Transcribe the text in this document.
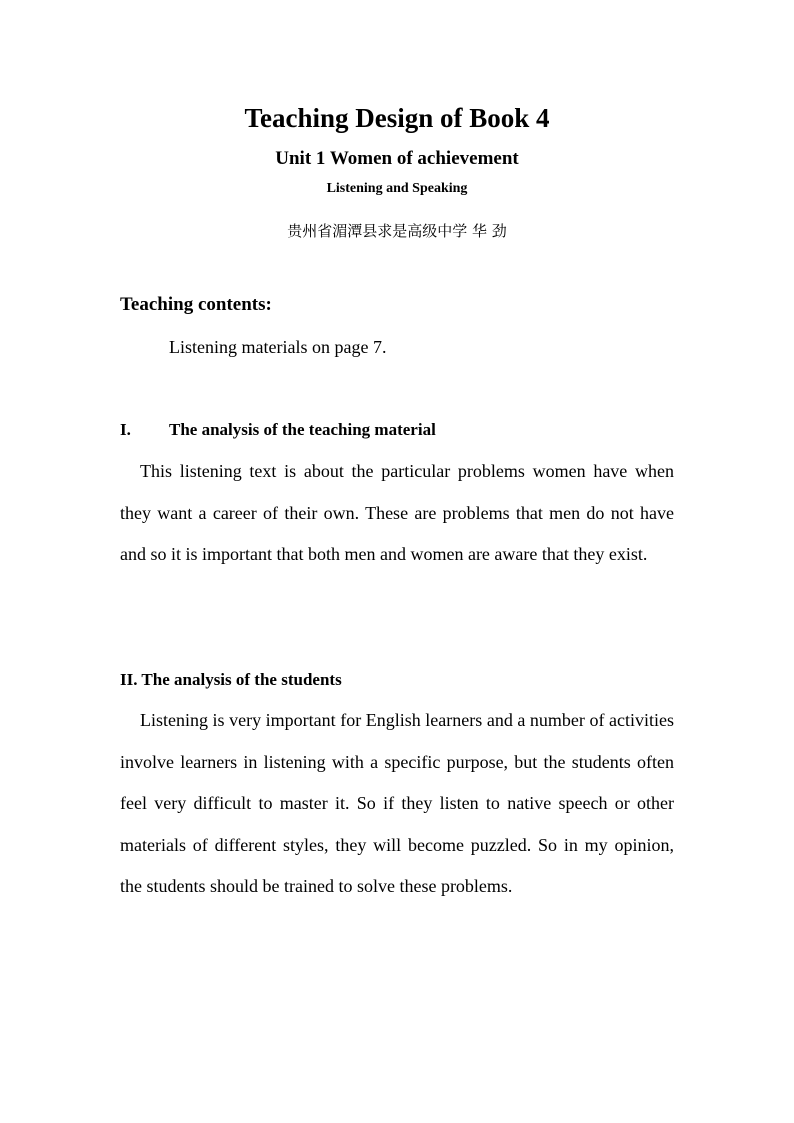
Teaching Design of Book 4
Unit 1 Women of achievement
Listening and Speaking
贵州省湄潭县求是高级中学 华 劲
Teaching contents:
Listening materials on page 7.
I. The analysis of the teaching material
This listening text is about the particular problems women have when they want a career of their own. These are problems that men do not have and so it is important that both men and women are aware that they exist.
II. The analysis of the students
Listening is very important for English learners and a number of activities involve learners in listening with a specific purpose, but the students often feel very difficult to master it. So if they listen to native speech or other materials of different styles, they will become puzzled. So in my opinion, the students should be trained to solve these problems.
